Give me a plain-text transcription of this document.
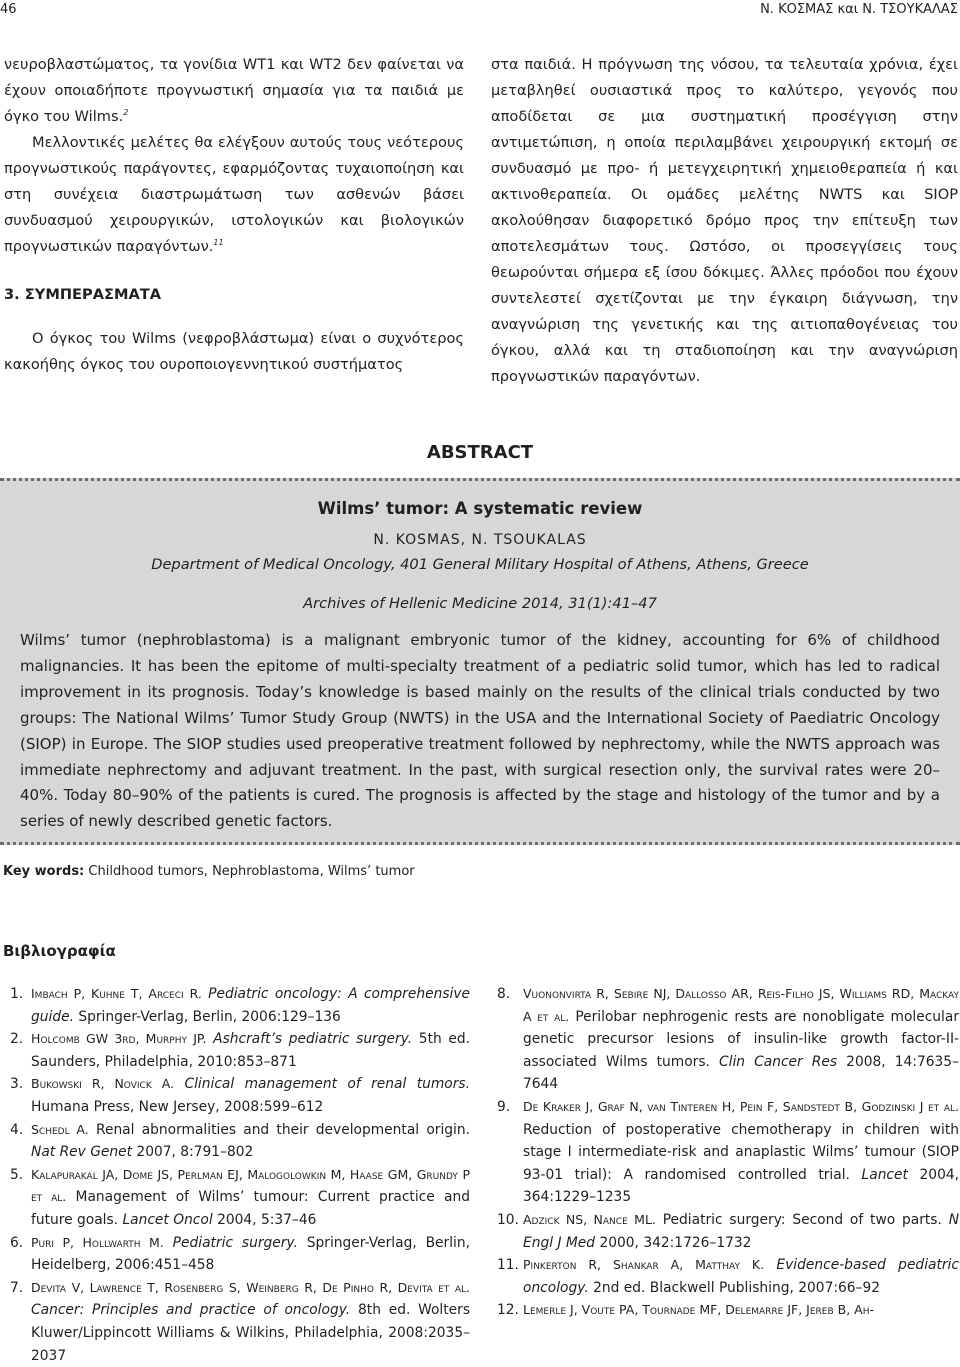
46	Ν. ΚΟΣΜΑΣ και Ν. ΤΣΟΥΚΑΛΑΣ

νευροβλαστώματος, τα γονίδια WT1 και WT2 δεν φαίνεται να έχουν οποιαδήποτε προγνωστική σημασία για τα παιδιά με όγκο του Wilms.$^2$

Μελλοντικές μελέτες θα ελέγξουν αυτούς τους νεότερους προγνωστικούς παράγοντες, εφαρμόζοντας τυχαιοποίηση και στη συνέχεια διαστρωμάτωση των ασθενών βάσει συνδυασμού χειρουργικών, ιστολογικών και βιολογικών προγνωστικών παραγόντων.$^{11}$

3. ΣΥΜΠΕΡΑΣΜΑΤΑ

Ο όγκος του Wilms (νεφροβλάστωμα) είναι ο συχνότερος κακοήθης όγκος του ουροποιογεννητικού συστήματος

στα παιδιά. Η πρόγνωση της νόσου, τα τελευταία χρόνια, έχει μεταβληθεί ουσιαστικά προς το καλύτερο, γεγονός που αποδίδεται σε μια συστηματική προσέγγιση στην αντιμετώπιση, η οποία περιλαμβάνει χειρουργική εκτομή σε συνδυασμό με προ- ή μετεγχειρητική χημειοθεραπεία ή και ακτινοθεραπεία. Οι ομάδες μελέτης NWTS και SIOP ακολούθησαν διαφορετικό δρόμο προς την επίτευξη των αποτελεσμάτων τους. Ωστόσο, οι προσεγγίσεις τους θεωρούνται σήμερα εξ ίσου δόκιμες. Άλλες πρόοδοι που έχουν συντελεστεί σχετίζονται με την έγκαιρη διάγνωση, την αναγνώριση της γενετικής και της αιτιοπαθογένειας του όγκου, αλλά και τη σταδιοποίηση και την αναγνώριση προγνωστικών παραγόντων.

ABSTRACT
Wilms’ tumor: A systematic review
N. KOSMAS, N. TSOUKALAS
Department of Medical Oncology, 401 General Military Hospital of Athens, Athens, Greece
Archives of Hellenic Medicine 2014, 31(1):41–47

Wilms’ tumor (nephroblastoma) is a malignant embryonic tumor of the kidney, accounting for 6% of childhood malignancies. It has been the epitome of multi-specialty treatment of a pediatric solid tumor, which has led to radical improvement in its prognosis. Today’s knowledge is based mainly on the results of the clinical trials conducted by two groups: The National Wilms’ Tumor Study Group (NWTS) in the USA and the International Society of Paediatric Oncology (SIOP) in Europe. The SIOP studies used preoperative treatment followed by nephrectomy, while the NWTS approach was immediate nephrectomy and adjuvant treatment. In the past, with surgical resection only, the survival rates were 20–40%. Today 80–90% of the patients is cured. The prognosis is affected by the stage and histology of the tumor and by a series of newly described genetic factors.

Key words: Childhood tumors, Nephroblastoma, Wilms’ tumor
Βιβλιογραφία
1. Imbach P, Kuhne T, Arceci R. Pediatric oncology: A comprehensive guide. Springer-Verlag, Berlin, 2006:129–136
2. Holcomb GW 3rd, Murphy JP. Ashcraft’s pediatric surgery. 5th ed. Saunders, Philadelphia, 2010:853–871
3. Bukowski R, Novick A. Clinical management of renal tumors. Humana Press, New Jersey, 2008:599–612
4. Schedl A. Renal abnormalities and their developmental origin. Nat Rev Genet 2007, 8:791–802
5. Kalapurakal JA, Dome JS, Perlman EJ, Malogolowkin M, Haase GM, Grundy P et al. Management of Wilms’ tumour: Current practice and future goals. Lancet Oncol 2004, 5:37–46
6. Puri P, Hollwarth M. Pediatric surgery. Springer-Verlag, Berlin, Heidelberg, 2006:451–458
7. Devita V, Lawrence T, Rosenberg S, Weinberg R, De Pinho R, Devita et al. Cancer: Principles and practice of oncology. 8th ed. Wolters Kluwer/Lippincott Williams & Wilkins, Philadelphia, 2008:2035–2037
8. Vuononvirta R, Sebire NJ, Dallosso AR, Reis-Filho JS, Williams RD, Mackay A et al. Perilobar nephrogenic rests are nonobligate molecular genetic precursor lesions of insulin-like growth factor-II-associated Wilms tumors. Clin Cancer Res 2008, 14:7635–7644
9. De Kraker J, Graf N, van Tinteren H, Pein F, Sandstedt B, Godzinski J et al. Reduction of postoperative chemotherapy in children with stage I intermediate-risk and anaplastic Wilms’ tumour (SIOP 93-01 trial): A randomised controlled trial. Lancet 2004, 364:1229–1235
10. Adzick NS, Nance ML. Pediatric surgery: Second of two parts. N Engl J Med 2000, 342:1726–1732
11. Pinkerton R, Shankar A, Matthay K. Evidence-based pediatric oncology. 2nd ed. Blackwell Publishing, 2007:66–92
12. Lemerle J, Voute PA, Tournade MF, Delemarre JF, Jereb B, Ah-
